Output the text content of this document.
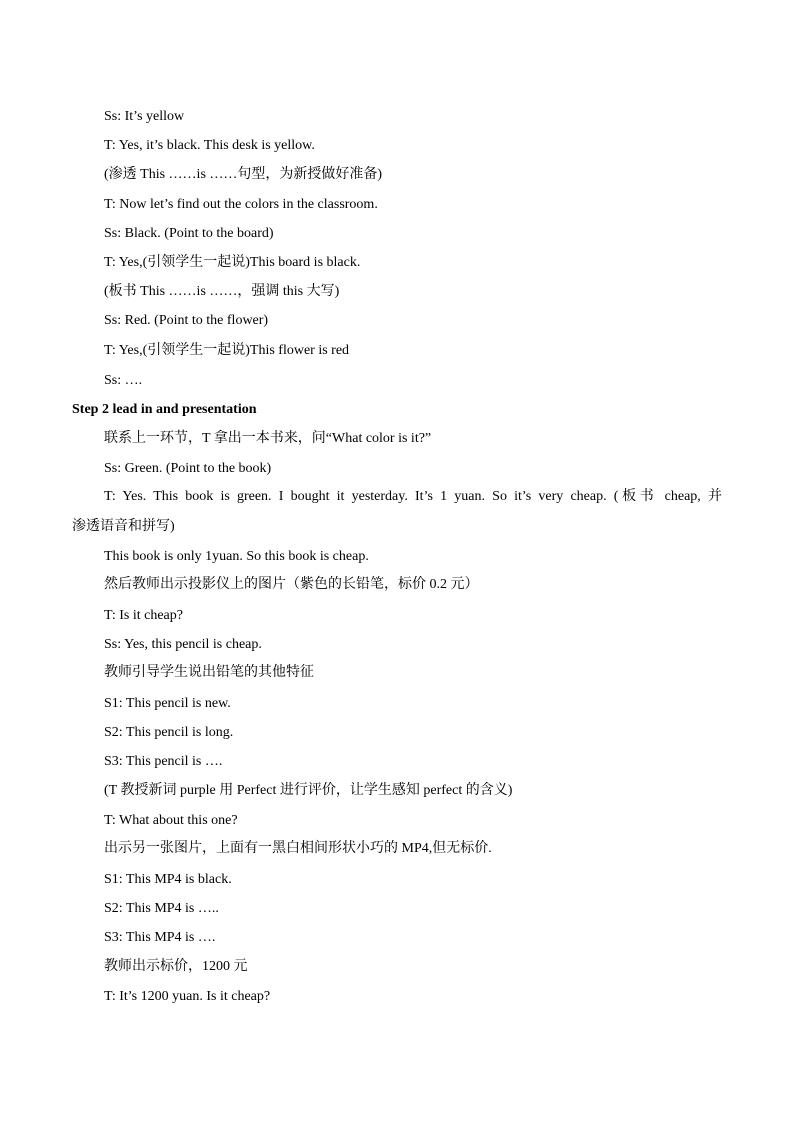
Ss: It’s yellow
T: Yes, it’s black. This desk is yellow.
(渗透 This ……is ……句型，为新授做好准备)
T: Now let’s find out the colors in the classroom.
Ss: Black. (Point to the board)
T: Yes,(引领学生一起说)This board is black.
(板书 This ……is ……，强调 this 大写)
Ss: Red. (Point to the flower)
T: Yes,(引领学生一起说)This flower is red
Ss: ….
Step 2 lead in and presentation
联系上一环节，T 拿出一本书来，问“What color is it?”
Ss: Green. (Point to the book)
T: Yes. This book is green. I bought it yesterday. It’s 1 yuan. So it’s very cheap. (板书 cheap, 并
渗透语音和拼写)
This book is only 1yuan. So this book is cheap.
然后教师出示投影仪上的图片（紫色的长铅笔，标价 0.2 元）
T: Is it cheap?
Ss: Yes, this pencil is cheap.
教师引导学生说出铅笔的其他特征
S1: This pencil is new.
S2: This pencil is long.
S3: This pencil is ….
(T 教授新词 purple 用 Perfect 进行评价，让学生感知 perfect 的含义)
T: What about this one?
出示另一张图片，上面有一黑白相间形状小巧的 MP4,但无标价.
S1: This MP4 is black.
S2: This MP4 is …..
S3: This MP4 is ….
教师出示标价，1200 元
T: It’s 1200 yuan. Is it cheap?
